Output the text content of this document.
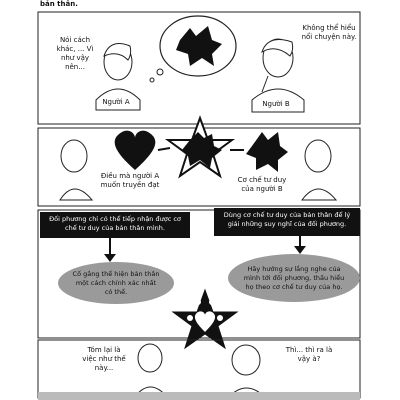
bản thân.
Nói cách khác, ... Vì như vậy nên...
Không thể hiểu nổi chuyện này.
Người A	Người B
Điều mà người A muốn truyền đạt
Cơ chế tư duy của người B
Đối phương chỉ có thể tiếp nhận được cơ chế tư duy của bản thân mình.
Dùng cơ chế tư duy của bản thân để lý giải những suy nghĩ của đối phương.
Cố gắng thể hiện bản thân một cách chính xác nhất có thể.
Hãy hướng sự lắng nghe của mình tới đối phương, thấu hiểu họ theo cơ chế tư duy của họ.
Tóm lại là việc như thế này...
Thì... thì ra là vậy à?
